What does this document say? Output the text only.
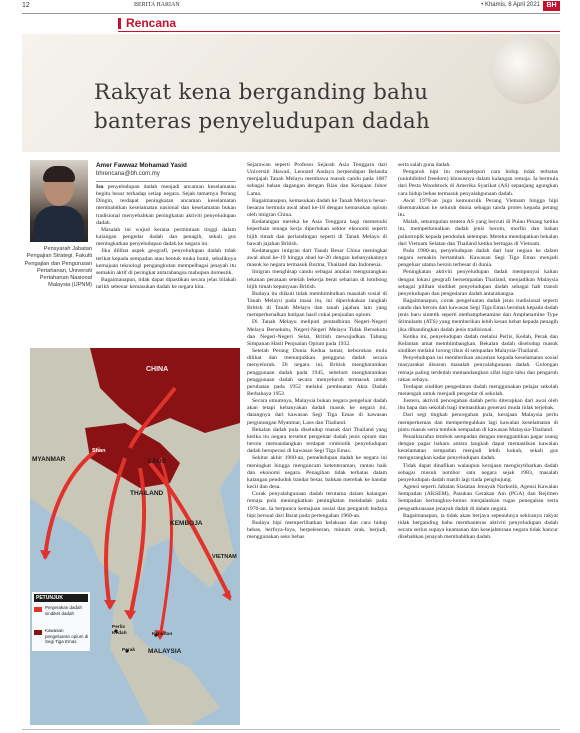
12	BERITA HARIAN	• Khamis, 8 April 2021 BH
Rencana
Rakyat kena berganding bahu
banteras penyeludupan dadah
Pensyarah Jabatan Pengajian Strategi, Fakulti Pengajian dan Pengurusan Pertahanan, Universiti Pertahanan Nasional Malaysia (UPNM)
Amer Fawwaz Mohamad Yasid
bhrencana@bh.com.my

Isu penyeludupan dadah menjadi ancaman keselamatan begitu besar terhadap setiap negara. Sejak tamatnya Perang Dingin, terdapat peningkatan ancaman keselamatan membabitkan keselamatan nasional dan keselamatan bukan tradisional menyebabkan peningkatan aktiviti penyeludupan dadah.

Masalah ini wujud kerana permintaan tinggi dalam kalangan pengedar dadah dan penagih, sekali gus meningkatkan penyeludupan dadah ke negara ini.

Jika dilihat aspek geografi, penyeludupan dadah tidak terikat kepada sempadan atau bentuk muka bumi, sebaliknya kemajuan teknologi pengangkutan mempelbagai jenayah itu semakin aktif di peringkat antarabangsa mahupun domestik.

Bagaimanapun, tidak dapat dipastikan secara jelas bilakah tarikh sebenar kemasukan dadah ke negara kita.

CHINA
MYANMAR
Shan
LAOS
THAILAND
KEMBOJA
VIETNAM
Perlis
Kedah
Perak
Kelantan
MALAYSIA
PETUNJUK
Pergerakan dadah sindiket dadah
Kawasan pengeluaran opium di Segi Tiga Emas

Sejarawan seperti Profesor Sejarah Asia Tenggara dari Universiti Hawaii, Leonard Andaya berpendapat Belanda menjajah Tanah Melayu membawa masuk candu pada 1687 sebagai bahan dagangan dengan Riau dan Kerajaan Johor Lama.

Bagaimanapun, kemasukan dadah ke Tanah Melayu besar-besaran bermula awal abad ke-18 dengan kemasukan opium oleh imigran China.

Kedatangan mereka ke Asia Tenggara bagi memenuhi keperluan tenaga kerja diperlukan sektor ekonomi seperti bijih timah dan perlandingan seperti di Tanah Melayu di bawah jajahan British.

Kedatangan imigran dari Tanah Besar China meningkat awal abad ke-19 hingga abad ke-20 dengan kebanyakannya masuk ke negara termasuk Burma, Thailand dan Indonesia.

Imigran menghisap candu sebagai amalan mengurangkan tekanan perasaan setelah bekerja berat seharian di lombong bijih timah kepunyaan British.

Budaya itu diikuti tidak membimbulkan masalah sosial di Tanah Melayu pada masa itu, ini diperlukakan langkah British di Tanah Melayu dan tanah jajahan lain yang memperkenalkan kutipan hasil cukai penjualan opium.

Di Tanah Melayu meliputi pentadbiran Negeri-Negeri Melayu Bersekutu, Negeri-Negeri Melayu Tidak Bersekutu dan Negeri-Negeri Selat, British mewujudkan Tabung Simpanan Hasil Penjualan Opium pada 1932.

Setelah Perang Dunia Kedua tamat, keburukan mula dilihat dan menunjukkan pengguna dadah secara menyeluruh. Di negara ini, British mengharamkan penggunaan dadah pada 1945, sebelum mengharamkan penggunaan dadah secara menyeluruh termasuk untuk perubatan pada 1952 melalui pembuatan Akta Dadah Berbahaya 1952.

Secara umumnya, Malaysia bukan negara pengeluar dadah akan tetapi kebanyakan dadah masuk ke negara ini, datangnya dari kawasan Segi Tiga Emas di kawasan pergunungan Myanmar, Laos dan Thailand.

Bekalan dadah pula diseludup masuk dari Thailand yang ketika itu negara tersebut pengeluar dadah jenis opium dan heroin memandangkan terdapat simbiotik penyeludupan dadah beroperasi di kawasan Segi Tiga Emas.

Sekitar akhir 1960-an, pemeledupan dadah ke negara ini meningkat hingga menguncam ketenteraman, rantau baik dan ekonomi negara. Penagihan tidak terbatas dalam kalangan penduduk bandar besar, bahkan merebak ke bandar kecil dan desa.

Corak penyalahgunaan dadah terutama dalam kalangan remaja pula meningkatkan peningkatan mendadak pada 1970-an. Ia berpunca kemajuan sosial dan pengaruh budaya hipi bersual dari Barat pada pertengahan 1960-an.

Budaya hipi memperlihatkan kelakuan dan cara hidup bebas, berfoya-foya, berpeleseran, minum arak, berjudi, menggunakan seks bebas

serta salah guna dadah.

Pengaruh hipi itu mempelopori cara hidup tidak terbatas (uninhibited freedom) khususnya dalam kalangan remaja. Ia bermula dari Pesta Woodstock di Amerika Syarikat (AS) sepanjang agungkan cara hidup bebas termasuk penyalahgunaan dadah.

Awal 1970-an juga kemunculk Perang Vietnam hingga hipi disemarakkan ke seluruh dunia sebagai tanda protes kepada perang itu.

Malah, sekumpulan tentera AS yang bercuti di Pulau Pinang ketika itu, memperkenalkan dadah jenis heroin, morfin dan bahan psikotropik kepada penduduk setempat. Mereka mendapatkan bekalan dari Vietnam Selatan dan Thailand ketika bertugas di Vietnam.

Pada 1980-an, penyeludupan dadah dari luar negara ke dalam negara semakin bertambah. Kawasan Segi Tiga Emas menjadi pengeluar utama heroin terbesar di dunia.

Peningkatan aktiviti penyeludupan dadah mempunyai kaitan dengan lokasi geografi bersempadan Thailand, menjadikan Malaysia sebagai pilihan sindiket penyeludupan dadah sebagai hab transit penyeludupan dan pengedaran dadah antarabangsa.

Bagaimanapun, corak pengeluaran dadah jenis tradisional seperti candu dan heroin dari kawasan Segi Tiga Emas berubah kepada dadah jenis baru sintetik seperti methamphetamine dan Amphetamine Type Stimulants (ATS) yang memberikan lebih kesan hebat kepada penagih jika dibandingkan dadah jenis tradisional.

Ketika ini, penyeludupan dadah melalui Perlis, Kedah, Perak dan Kelantan amat membimbangkan. Bekalan dadah diseludup masuk sindiket melalui lorong tikus di sempadan Malaysia-Thailand.

Penyeludupan ini memberikan ancaman kepada keselamatan sosial masyarakat disusun masalah penyalahgunaan dadah. Golongan remaja paling terdedah memandangkan sifat ingin tahu dan pengaruh rakan sebaya.

Terdapat sindiket pengedaran dadah menggunakan pelajar sekolah menengah untuk menjadi pengedar di sekolah.

Justeru, aktiviti pencegahan dadah perlu diterapkan dari awal oleh ibu bapa dan sekolah bagi memastikan generasi muda tidak terjebak.

Dari segi tingkah pencegahan pula, kerajaan Malaysia perlu memperkemas dan memperteguhkan lagi kawalan keselamatan di pintu masuk serta tembok sempadan di kawasan Malaysia-Thailand.

Penaiktarafan tembok sempadan dengan menggantikan pagar usang dengan pagar baharu antara langkah dapat memastikan kawalan keselamatan sempadan menjadi lebih kukuh, sekali gus mengurangkan kadar penyeludupan dadah.

Tidak dapat dinafikan walaupun kerajaan mengisytiharkan dadah sebagai musuh nombor satu negara sejak 1983, masalah penyeludupan dadah masih lagi tiada penghujung.

Agensi seperti Jabatan Siasatan Jenayah Narkotik, Agensi Kawalan Sempadan (AKSEM), Pasukan Gerakan Am (PGA) dan Rejimen Sempadan bertungkus-lumus menjalankan tugas penegahan serta penguatkuasaan jenayah dadah di dalam negara.

Bagaimanapun, ia tidak akan berjaya sepenuhnya sekiranya rakyat tidak berganding bahu membanteras aktiviti penyeludupan dadah secara serius supaya keamanan dan kesejahteraan negara tidak hancur disebabkan jenayah membabitkan dadah.
